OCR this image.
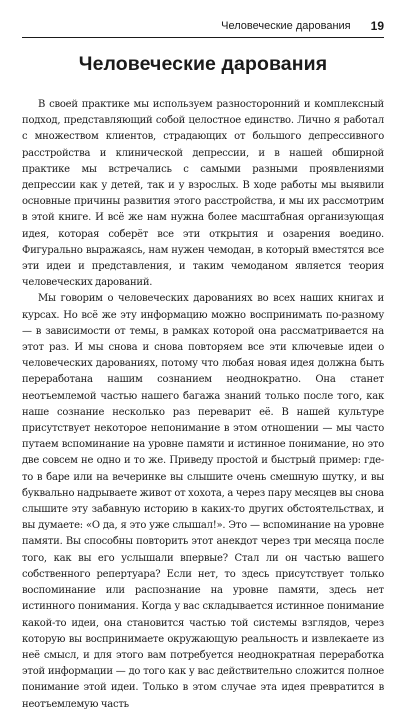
Человеческие дарования 19
Человеческие дарования

В своей практике мы используем разносторонний и комплексный подход, представляющий собой целостное единство. Лично я работал с множеством клиентов, страдающих от большого депрессивного расстройства и клинической депрессии, и в нашей обширной практике мы встречались с самыми разными проявлениями депрессии как у детей, так и у взрослых. В ходе работы мы выявили основные причины развития этого расстройства, и мы их рассмотрим в этой книге. И всё же нам нужна более масштабная организующая идея, которая соберёт все эти открытия и озарения воедино. Фигурально выражаясь, нам нужен чемодан, в который вместятся все эти идеи и представления, и таким чемоданом является теория человеческих дарований.

Мы говорим о человеческих дарованиях во всех наших книгах и курсах. Но всё же эту информацию можно воспринимать по-разному — в зависимости от темы, в рамках которой она рассматривается на этот раз. И мы снова и снова повторяем все эти ключевые идеи о человеческих дарованиях, потому что любая новая идея должна быть переработана нашим сознанием неоднократно. Она станет неотъемлемой частью нашего багажа знаний только после того, как наше сознание несколько раз переварит её. В нашей культуре присутствует некоторое непонимание в этом отношении — мы часто путаем вспоминание на уровне памяти и истинное понимание, но это две совсем не одно и то же. Приведу простой и быстрый пример: где-то в баре или на вечеринке вы слышите очень смешную шутку, и вы буквально надрываете живот от хохота, а через пару месяцев вы снова слышите эту забавную историю в каких-то других обстоятельствах, и вы думаете: «О да, я это уже слышал!». Это — вспоминание на уровне памяти. Вы способны повторить этот анекдот через три месяца после того, как вы его услышали впервые? Стал ли он частью вашего собственного репертуара? Если нет, то здесь присутствует только воспоминание или распознание на уровне памяти, здесь нет истинного понимания. Когда у вас складывается истинное понимание какой-то идеи, она становится частью той системы взглядов, через которую вы воспринимаете окружающую реальность и извлекаете из неё смысл, и для этого вам потребуется неоднократная переработка этой информации — до того как у вас действительно сложится полное понимание этой идеи. Только в этом случае эта идея превратится в неотъемлемую часть
